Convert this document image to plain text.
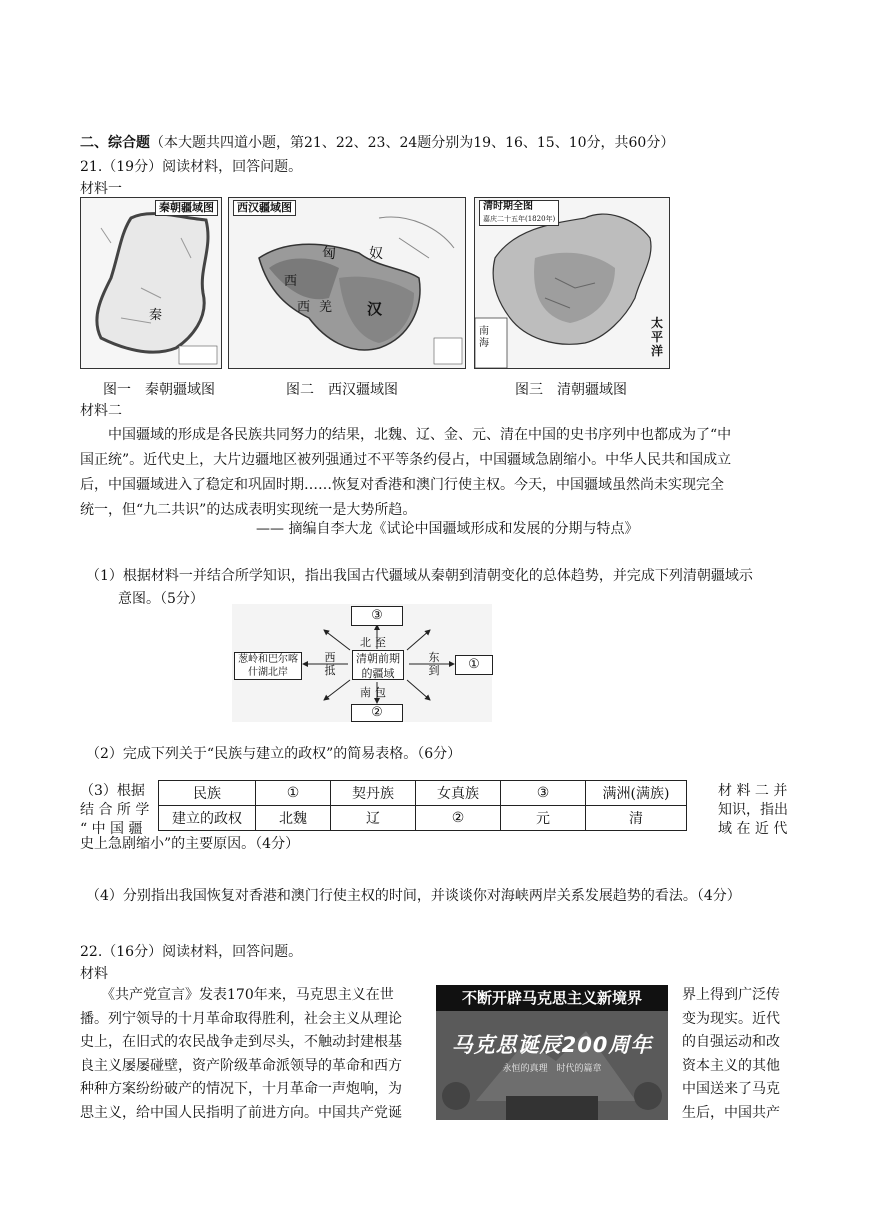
二、综合题（本大题共四道小题，第21、22、23、24题分别为19、16、15、10分，共60分）
21.（19分）阅读材料，回答问题。
材料一
秦朝疆域图
秦
西汉疆域图
匈 奴
西
西 羌 汉
清时期全图
嘉庆二十五年(1820年)
太平洋
南海
图一　秦朝疆域图	图二　西汉疆域图	图三　清朝疆域图
材料二
　　中国疆域的形成是各民族共同努力的结果，北魏、辽、金、元、清在中国的史书序列中也都成为了“中
国正统”。近代史上，大片边疆地区被列强通过不平等条约侵占，中国疆域急剧缩小。中华人民共和国成立
后，中国疆域进入了稳定和巩固时期……恢复对香港和澳门行使主权。今天，中国疆域虽然尚未实现完全
统一，但“九二共识”的达成表明实现统一是大势所趋。
—— 摘编自李大龙《试论中国疆域形成和发展的分期与特点》
（1）根据材料一并结合所学知识，指出我国古代疆域从秦朝到清朝变化的总体趋势，并完成下列清朝疆域示
意图。（5分）
③
②
①
葱岭和巴尔喀什湖北岸
清朝前期的疆域
北至
南包
东到
西抵
（2）完成下列关于“民族与建立的政权”的简易表格。（6分）
（3）根据
结 合 所 学
“ 中 国 疆
材 料 二 并
知识，指出
域 在 近 代
民族	①	契丹族	女真族	③	满洲(满族)
建立的政权	北魏	辽	②	元	清
史上急剧缩小”的主要原因。（4分）
（4）分别指出我国恢复对香港和澳门行使主权的时间，并谈谈你对海峡两岸关系发展趋势的看法。（4分）
22.（16分）阅读材料，回答问题。
材料
　　《共产党宣言》发表170年来，马克思主义在世
播。列宁领导的十月革命取得胜利，社会主义从理论
史上，在旧式的农民战争走到尽头，不触动封建根基
良主义屡屡碰壁，资产阶级革命派领导的革命和西方
种种方案纷纷破产的情况下，十月革命一声炮响，为
思主义，给中国人民指明了前进方向。中国共产党诞
不断开辟马克思主义新境界
马克思诞辰200周年
永恒的真理　时代的篇章
界上得到广泛传
变为现实。近代
的自强运动和改
资本主义的其他
中国送来了马克
生后，中国共产
